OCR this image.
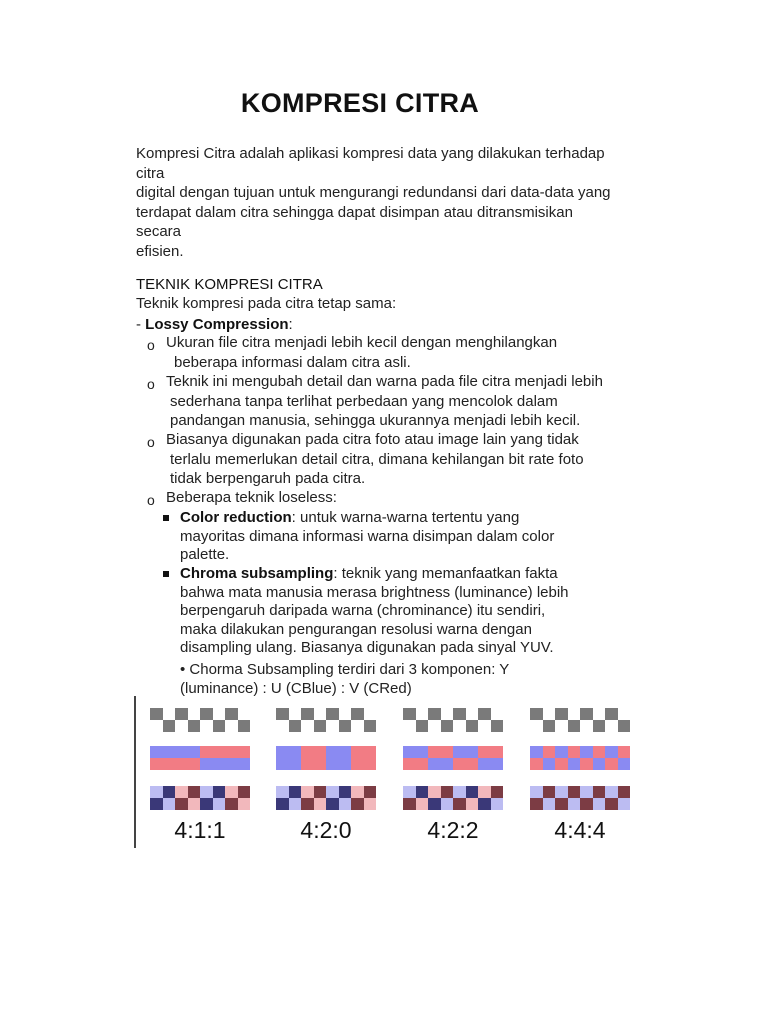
KOMPRESI CITRA
Kompresi Citra adalah aplikasi kompresi data yang dilakukan terhadap
citra
digital dengan tujuan untuk mengurangi redundansi dari data-data yang
terdapat dalam citra sehingga dapat disimpan atau ditransmisikan
secara
efisien.
TEKNIK KOMPRESI CITRA
Teknik kompresi pada citra tetap sama:
- Lossy Compression:
o Ukuran file citra menjadi lebih kecil dengan menghilangkan
beberapa informasi dalam citra asli.
o Teknik ini mengubah detail dan warna pada file citra menjadi lebih
sederhana tanpa terlihat perbedaan yang mencolok dalam
pandangan manusia, sehingga ukurannya menjadi lebih kecil.
o Biasanya digunakan pada citra foto atau image lain yang tidak
terlalu memerlukan detail citra, dimana kehilangan bit rate foto
tidak berpengaruh pada citra.
o Beberapa teknik loseless:
Color reduction: untuk warna-warna tertentu yang
mayoritas dimana informasi warna disimpan dalam color
palette.
Chroma subsampling: teknik yang memanfaatkan fakta
bahwa mata manusia merasa brightness (luminance) lebih
berpengaruh daripada warna (chrominance) itu sendiri,
maka dilakukan pengurangan resolusi warna dengan
disampling ulang. Biasanya digunakan pada sinyal YUV.
• Chorma Subsampling terdiri dari 3 komponen: Y
(luminance) : U (CBlue) : V (CRed)
4:1:1	4:2:0	4:2:2	4:4:4
